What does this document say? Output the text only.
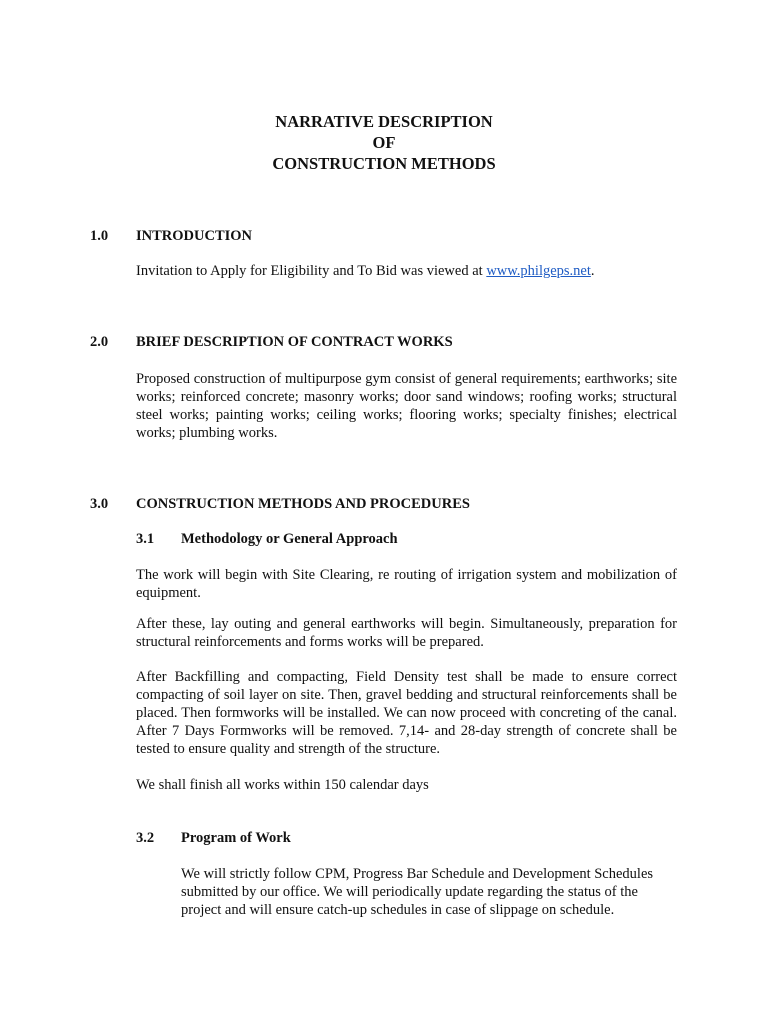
NARRATIVE DESCRIPTION
OF
CONSTRUCTION METHODS
1.0 INTRODUCTION

Invitation to Apply for Eligibility and To Bid was viewed at www.philgeps.net.

2.0 BRIEF DESCRIPTION OF CONTRACT WORKS

Proposed construction of multipurpose gym consist of general requirements; earthworks; site works; reinforced concrete; masonry works; door sand windows; roofing works; structural steel works; painting works; ceiling works; flooring works; specialty finishes; electrical works; plumbing works.

3.0 CONSTRUCTION METHODS AND PROCEDURES
3.1 Methodology or General Approach

The work will begin with Site Clearing, re routing of irrigation system and mobilization of equipment.

After these, lay outing and general earthworks will begin. Simultaneously, preparation for structural reinforcements and forms works will be prepared.

After Backfilling and compacting, Field Density test shall be made to ensure correct compacting of soil layer on site. Then, gravel bedding and structural reinforcements shall be placed. Then formworks will be installed. We can now proceed with concreting of the canal. After 7 Days Formworks will be removed. 7,14- and 28-day strength of concrete shall be tested to ensure quality and strength of the structure.

We shall finish all works within 150 calendar days

3.2 Program of Work

We will strictly follow CPM, Progress Bar Schedule and Development Schedules submitted by our office. We will periodically update regarding the status of the project and will ensure catch-up schedules in case of slippage on schedule.
